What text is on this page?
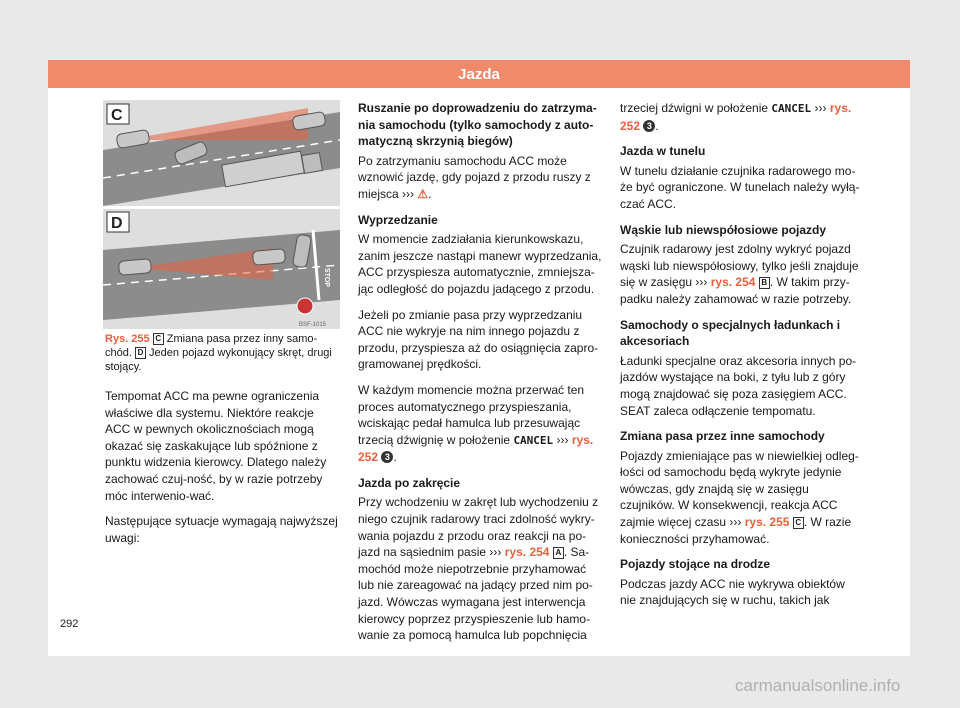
Jazda
C
STOP
D
BSF-1015
Rys. 255 C Zmiana pasa przez inny samo-chód. D Jeden pojazd wykonujący skręt, drugi stojący.

Tempomat ACC ma pewne ograniczenia właściwe dla systemu. Niektóre reakcje ACC w pewnych okolicznościach mogą okazać się zaskakujące lub spóźnione z punktu widzenia kierowcy. Dlatego należy zachować czuj-ność, by w razie potrzeby móc interwenio-wać.

Następujące sytuacje wymagają najwyższej uwagi:

Ruszanie po doprowadzeniu do zatrzyma-nia samochodu (tylko samochody z auto-matyczną skrzynią biegów)

Po zatrzymaniu samochodu ACC może wznowić jazdę, gdy pojazd z przodu ruszy z miejsca ››› ⚠.

Wyprzedzanie

W momencie zadziałania kierunkowskazu, zanim jeszcze nastąpi manewr wyprzedzania, ACC przyspiesza automatycznie, zmniejsza-jąc odległość do pojazdu jadącego z przodu.

Jeżeli po zmianie pasa przy wyprzedzaniu ACC nie wykryje na nim innego pojazdu z przodu, przyspiesza aż do osiągnięcia zapro-gramowanej prędkości.

W każdym momencie można przerwać ten proces automatycznego przyspieszania, wciskając pedał hamulca lub przesuwając trzecią dźwignię w położenie CANCEL ››› rys. 252 3 .

Jazda po zakręcie

Przy wchodzeniu w zakręt lub wychodzeniu z niego czujnik radarowy traci zdolność wykry-wania pojazdu z przodu oraz reakcji na po-jazd na sąsiednim pasie ››› rys. 254 A . Sa-mochód może niepotrzebnie przyhamować lub nie zareagować na jadący przed nim po-jazd. Wówczas wymagana jest interwencja kierowcy poprzez przyspieszenie lub hamo-wanie za pomocą hamulca lub popchnięcia

trzeciej dźwigni w położenie CANCEL ››› rys. 252 3 .

Jazda w tunelu

W tunelu działanie czujnika radarowego mo-że być ograniczone. W tunelach należy wyłą-czać ACC.

Wąskie lub niewspółosiowe pojazdy

Czujnik radarowy jest zdolny wykryć pojazd wąski lub niewspółosiowy, tylko jeśli znajduje się w zasięgu ››› rys. 254 B . W takim przy-padku należy zahamować w razie potrzeby.

Samochody o specjalnych ładunkach i akcesoriach

Ładunki specjalne oraz akcesoria innych po-jazdów wystające na boki, z tyłu lub z góry mogą znajdować się poza zasięgiem ACC. SEAT zaleca odłączenie tempomatu.

Zmiana pasa przez inne samochody

Pojazdy zmieniające pas w niewielkiej odleg-łości od samochodu będą wykryte jedynie wówczas, gdy znajdą się w zasięgu czujników. W konsekwencji, reakcja ACC zajmie więcej czasu ››› rys. 255 C . W razie konieczności przyhamować.

Pojazdy stojące na drodze

Podczas jazdy ACC nie wykrywa obiektów nie znajdujących się w ruchu, takich jak

292
carmanualsonline.info
